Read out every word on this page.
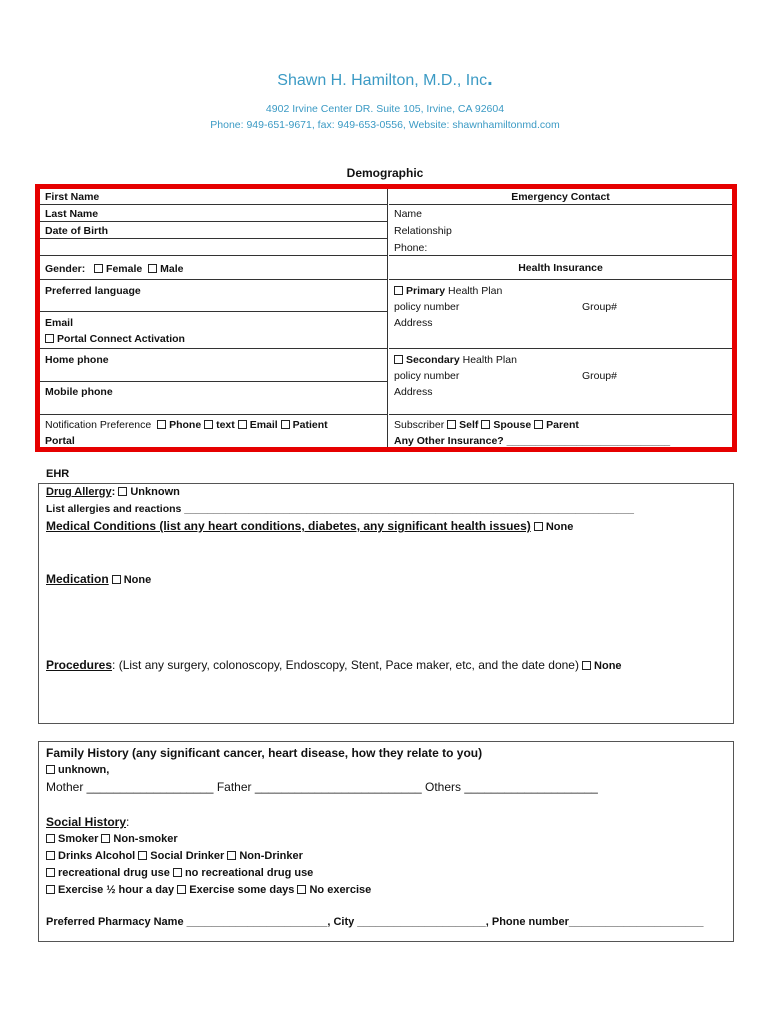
Shawn H. Hamilton, M.D., Inc.
4902 Irvine Center DR. Suite 105, Irvine, CA 92604
Phone: 949-651-9671, fax: 949-653-0556, Website: shawnhamiltonmd.com
Demographic
First Name
Last Name
Date of Birth
Gender: Female Male
Preferred language
Email
Portal Connect Activation
Home phone
Mobile phone
Notification Preference Phone text Email Patient
Portal
Emergency Contact
Name
Relationship
Phone:
Health Insurance
Primary Health Plan
policy number	Group#
Address
Secondary Health Plan
policy number	Group#
Address
Subscriber Self Spouse Parent
Any Other Insurance? ____________________________
EHR
Drug Allergy: Unknown
List allergies and reactions _____________________________________________________________________________
Medical Conditions (list any heart conditions, diabetes, any significant health issues) None
Medication None
Procedures: (List any surgery, colonoscopy, Endoscopy, Stent, Pace maker, etc, and the date done) None
Family History (any significant cancer, heart disease, how they relate to you)
unknown,
Mother ___________________ Father _________________________ Others ____________________
Social History:
Smoker Non-smoker
Drinks Alcohol Social Drinker Non-Drinker
recreational drug use no recreational drug use
Exercise ½ hour a day Exercise some days No exercise
Preferred Pharmacy Name _______________________, City _____________________, Phone number______________________
